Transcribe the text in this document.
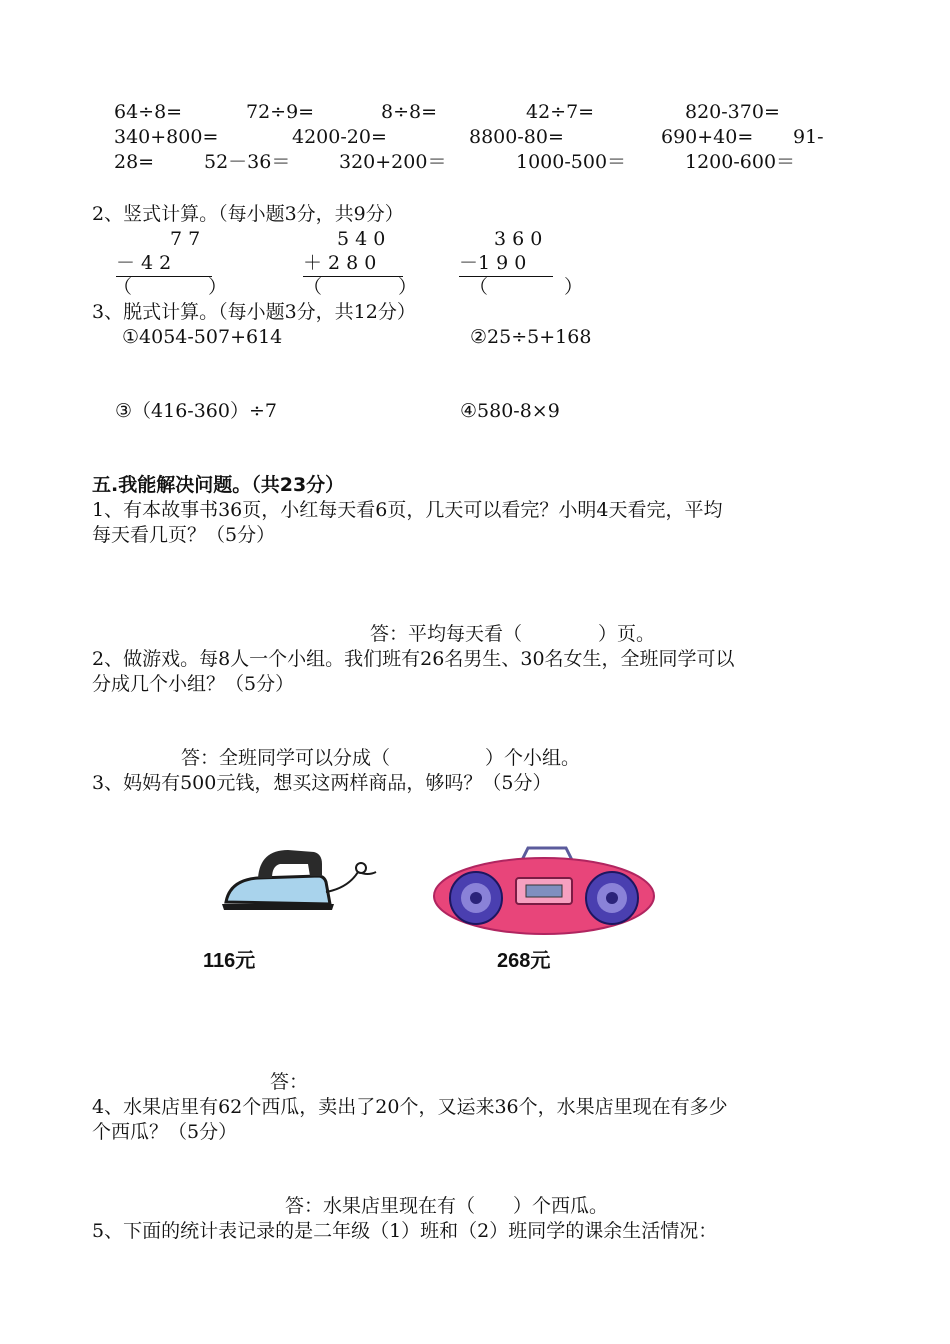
64÷8=	72÷9=	8÷8=	42÷7=	820-370=
340+800=	4200-20=	8800-80=	690+40= 91-
28=	52－36＝	320+200＝	1000-500＝	1200-600＝
2、竖式计算。（每小题3分，共9分）
7 7
－ 4 2
（　　　　）
5 4 0
＋ 2 8 0
（　　　　）
3 6 0
－1 9 0
（　　　　）
3、脱式计算。（每小题3分，共12分）
①4054-507+614	②25÷5+168
③（416-360）÷7	④580-8×9
五.我能解决问题。（共23分）
1、有本故事书36页，小红每天看6页，几天可以看完？小明4天看完，平均
每天看几页？（5分）
答：平均每天看（　　　　）页。
2、做游戏。每8人一个小组。我们班有26名男生、30名女生，全班同学可以
分成几个小组？（5分）
答：全班同学可以分成（　　　　　）个小组。
3、妈妈有500元钱，想买这两样商品，够吗？（5分）
116元	268元
答：
4、水果店里有62个西瓜，卖出了20个，又运来36个，水果店里现在有多少
个西瓜？（5分）
答：水果店里现在有（　　）个西瓜。
5、下面的统计表记录的是二年级（1）班和（2）班同学的课余生活情况：
